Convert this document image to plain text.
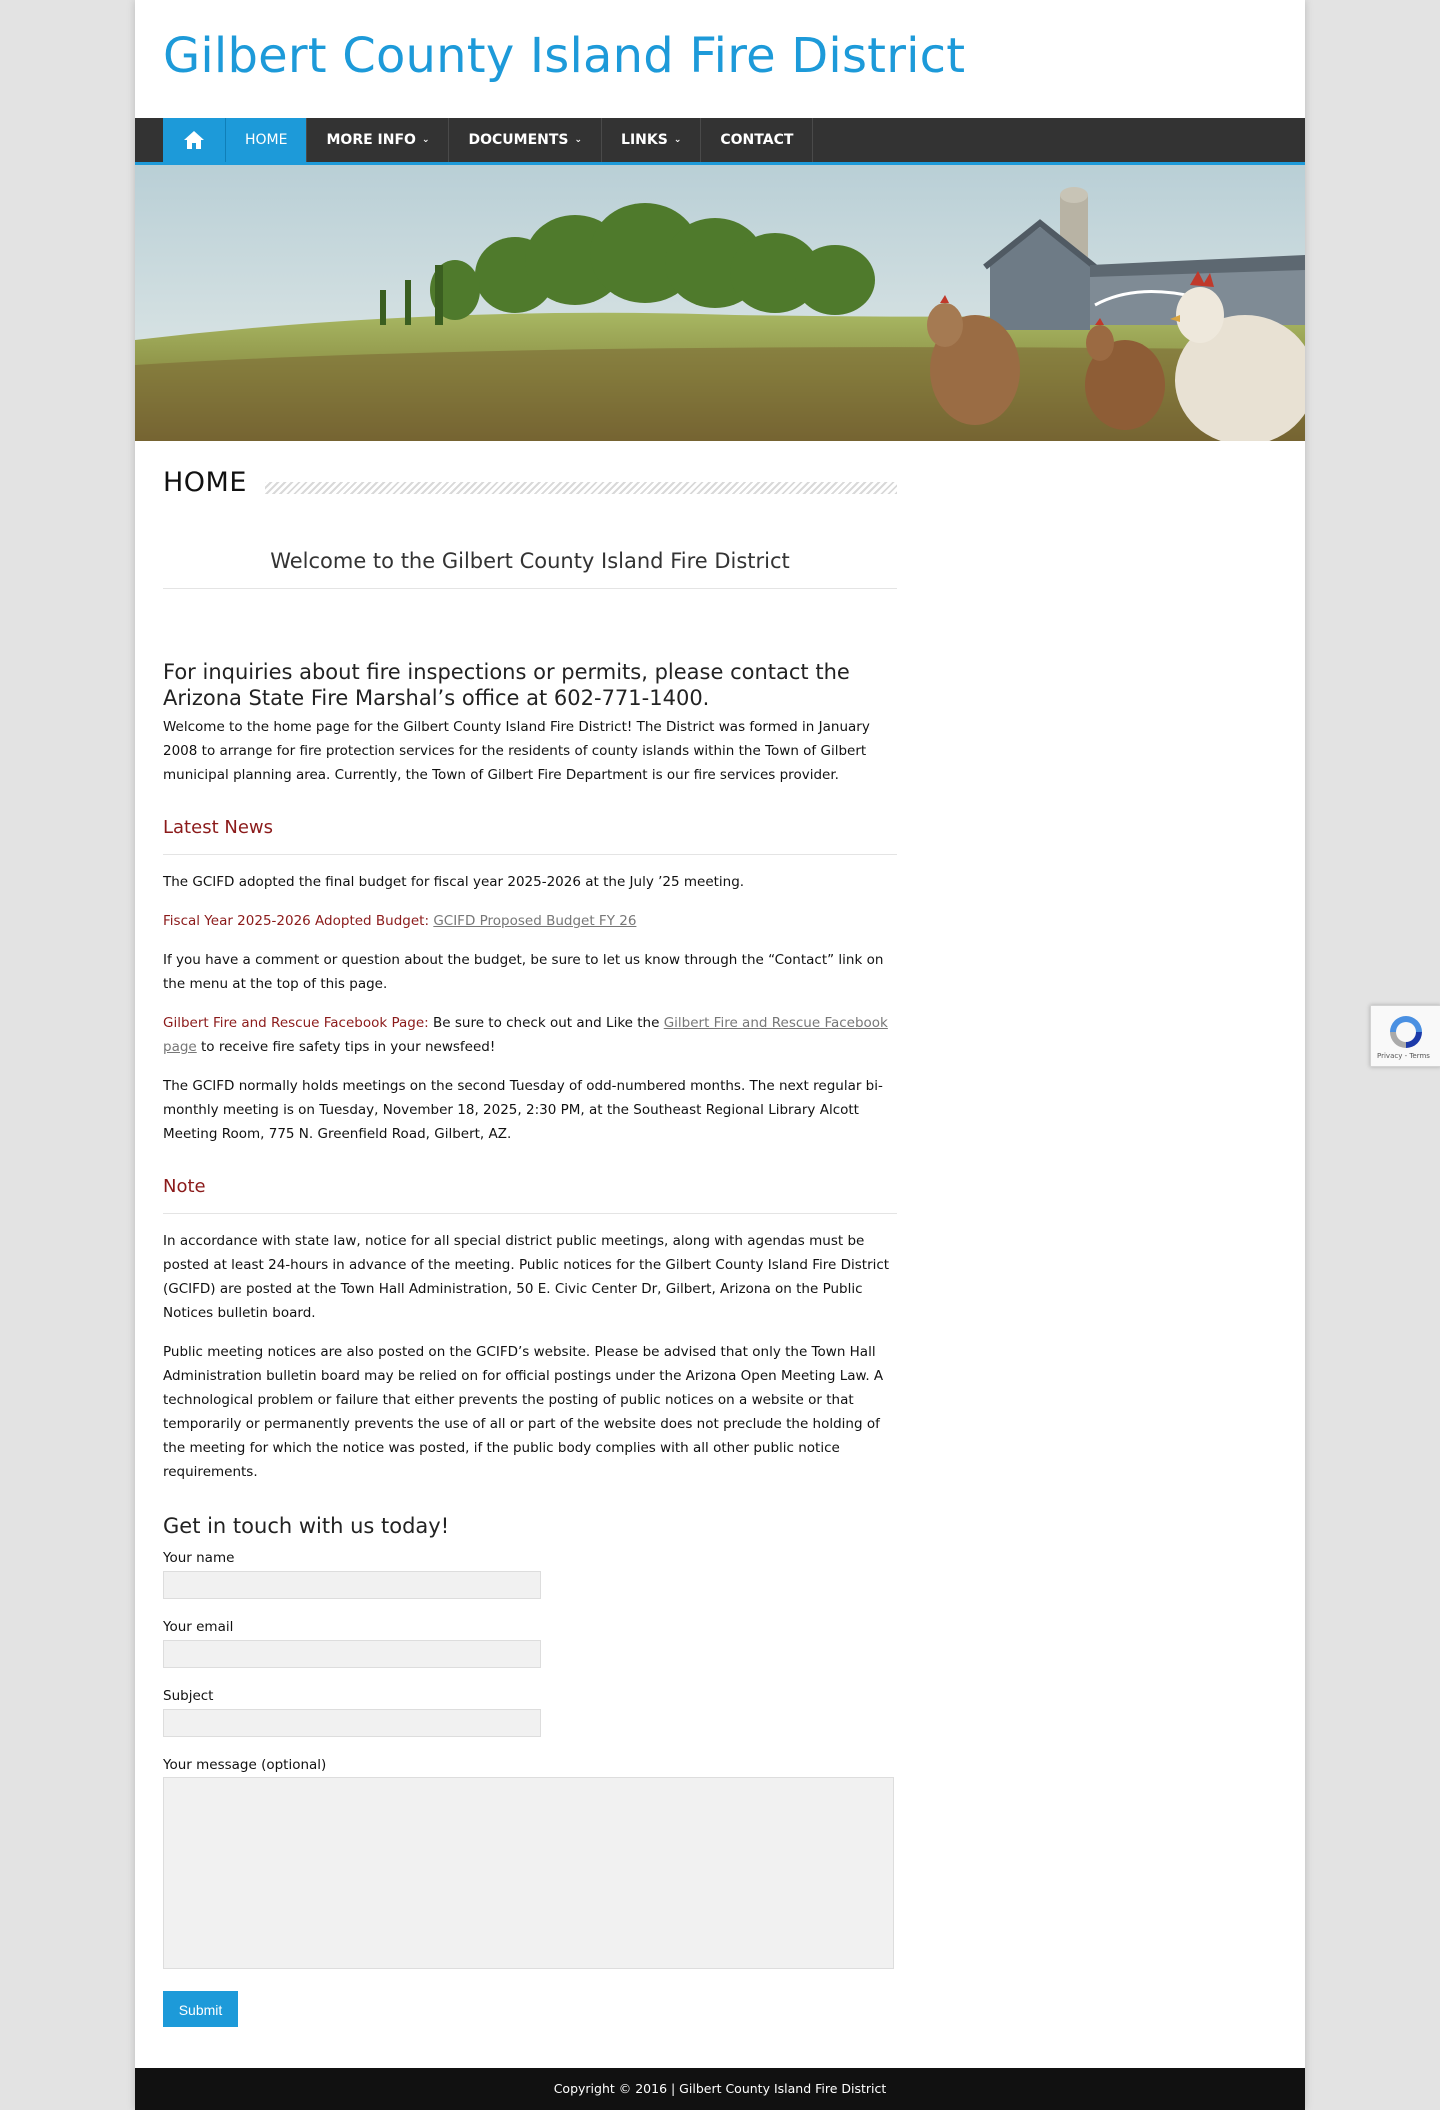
Gilbert County Island Fire District
HOME	MORE INFO ⌄	DOCUMENTS ⌄	LINKS ⌄	CONTACT
HOME
Welcome to the Gilbert County Island Fire District
For inquiries about fire inspections or permits, please contact the Arizona State Fire Marshal’s office at 602-771-1400.
Welcome to the home page for the Gilbert County Island Fire District! The District was formed in January 2008 to arrange for fire protection services for the residents of county islands within the Town of Gilbert municipal planning area. Currently, the Town of Gilbert Fire Department is our fire services provider.
Latest News
The GCIFD adopted the final budget for fiscal year 2025-2026 at the July ’25 meeting.
Fiscal Year 2025-2026 Adopted Budget: GCIFD Proposed Budget FY 26
If you have a comment or question about the budget, be sure to let us know through the “Contact” link on the menu at the top of this page.
Gilbert Fire and Rescue Facebook Page: Be sure to check out and Like the Gilbert Fire and Rescue Facebook page to receive fire safety tips in your newsfeed!
The GCIFD normally holds meetings on the second Tuesday of odd-numbered months. The next regular bi-monthly meeting is on Tuesday, November 18, 2025, 2:30 PM, at the Southeast Regional Library Alcott Meeting Room, 775 N. Greenfield Road, Gilbert, AZ.
Note
In accordance with state law, notice for all special district public meetings, along with agendas must be posted at least 24-hours in advance of the meeting. Public notices for the Gilbert County Island Fire District (GCIFD) are posted at the Town Hall Administration, 50 E. Civic Center Dr, Gilbert, Arizona on the Public Notices bulletin board.
Public meeting notices are also posted on the GCIFD’s website. Please be advised that only the Town Hall Administration bulletin board may be relied on for official postings under the Arizona Open Meeting Law. A technological problem or failure that either prevents the posting of public notices on a website or that temporarily or permanently prevents the use of all or part of the website does not preclude the holding of the meeting for which the notice was posted, if the public body complies with all other public notice requirements.
Get in touch with us today!
Your name
Your email
Subject
Your message (optional)
Submit
Copyright © 2016 | Gilbert County Island Fire District
Privacy - Terms
